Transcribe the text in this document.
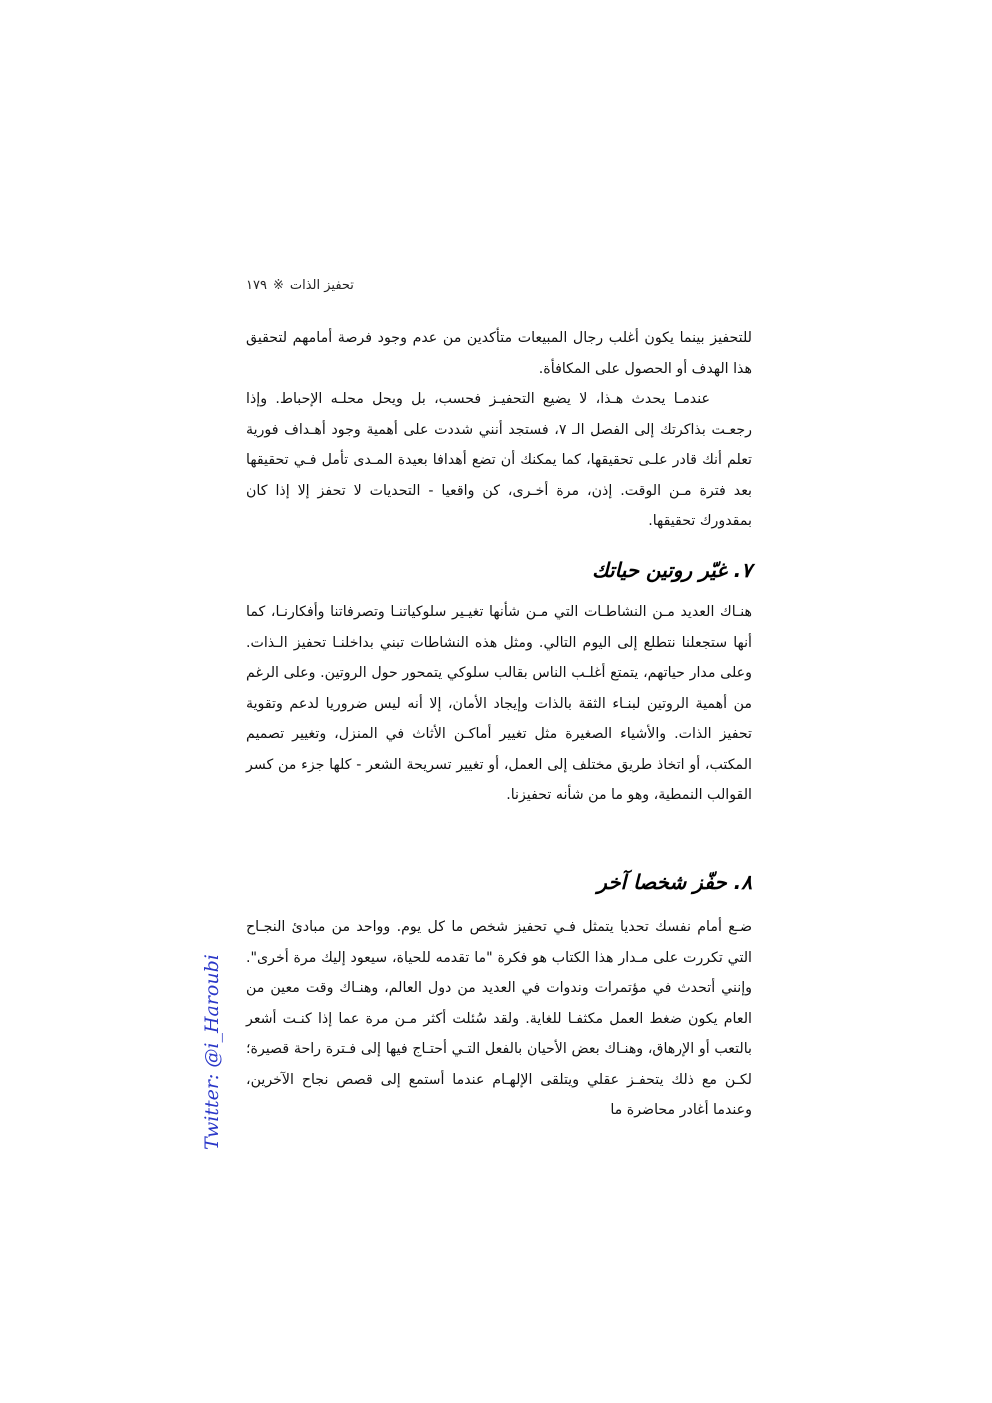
تحفيز الذات
※
١٧٩

للتحفيز بينما يكون أغلب رجال المبيعات متأكدين من عدم وجود فرصة أمامهم لتحقيق هذا الهدف أو الحصول على المكافأة.

عندمـا يحدث هـذا، لا يضيع التحفيـز فحسب، بل ويحل محلـه الإحباط. وإذا رجعـت بذاكرتك إلى الفصل الـ ٧، فستجد أنني شددت على أهمية وجود أهـداف فورية تعلم أنك قادر علـى تحقيقها، كما يمكنك أن تضع أهدافا بعيدة المـدى تأمل فـي تحقيقها بعد فترة مـن الوقت. إذن، مرة أخـرى، كن واقعيا - التحديات لا تحفز إلا إذا كان بمقدورك تحقيقها.

٧. غيّر روتين حياتك

هنـاك العديد مـن النشاطـات التي مـن شأنها تغيـير سلوكياتنـا وتصرفاتنا وأفكارنـا، كما أنها ستجعلنا نتطلع إلى اليوم التالي. ومثل هذه النشاطات تبني بداخلنـا تحفيز الـذات. وعلى مدار حياتهم، يتمتع أغلـب الناس بقالب سلوكي يتمحور حول الروتين. وعلى الرغم من أهمية الروتين لبنـاء الثقة بالذات وإيجاد الأمان، إلا أنه ليس ضروريا لدعم وتقوية تحفيز الذات. والأشياء الصغيرة مثل تغيير أماكـن الأثاث في المنزل، وتغيير تصميم المكتب، أو اتخاذ طريق مختلف إلى العمل، أو تغيير تسريحة الشعر - كلها جزء من كسر القوالب النمطية، وهو ما من شأنه تحفيزنا.

٨. حفّز شخصا آخر

ضـع أمام نفسك تحديا يتمثل فـي تحفيز شخص ما كل يوم. وواحد من مبادئ النجـاح التي تكررت على مـدار هذا الكتاب هو فكرة "ما تقدمه للحياة، سيعود إليك مرة أخرى". وإنني أتحدث في مؤتمرات وندوات في العديد من دول العالم، وهنـاك وقت معين من العام يكون ضغط العمل مكثفـا للغاية. ولقد سُئلت أكثر مـن مرة عما إذا كنـت أشعر بالتعب أو الإرهاق، وهنـاك بعض الأحيان بالفعل التـي أحتـاج فيها إلى فـترة راحة قصيرة؛ لكـن مع ذلك يتحفـز عقلي ويتلقى الإلهـام عندما أستمع إلى قصص نجاح الآخرين، وعندما أغادر محاضرة ما

Twitter: @i_Haroubi
